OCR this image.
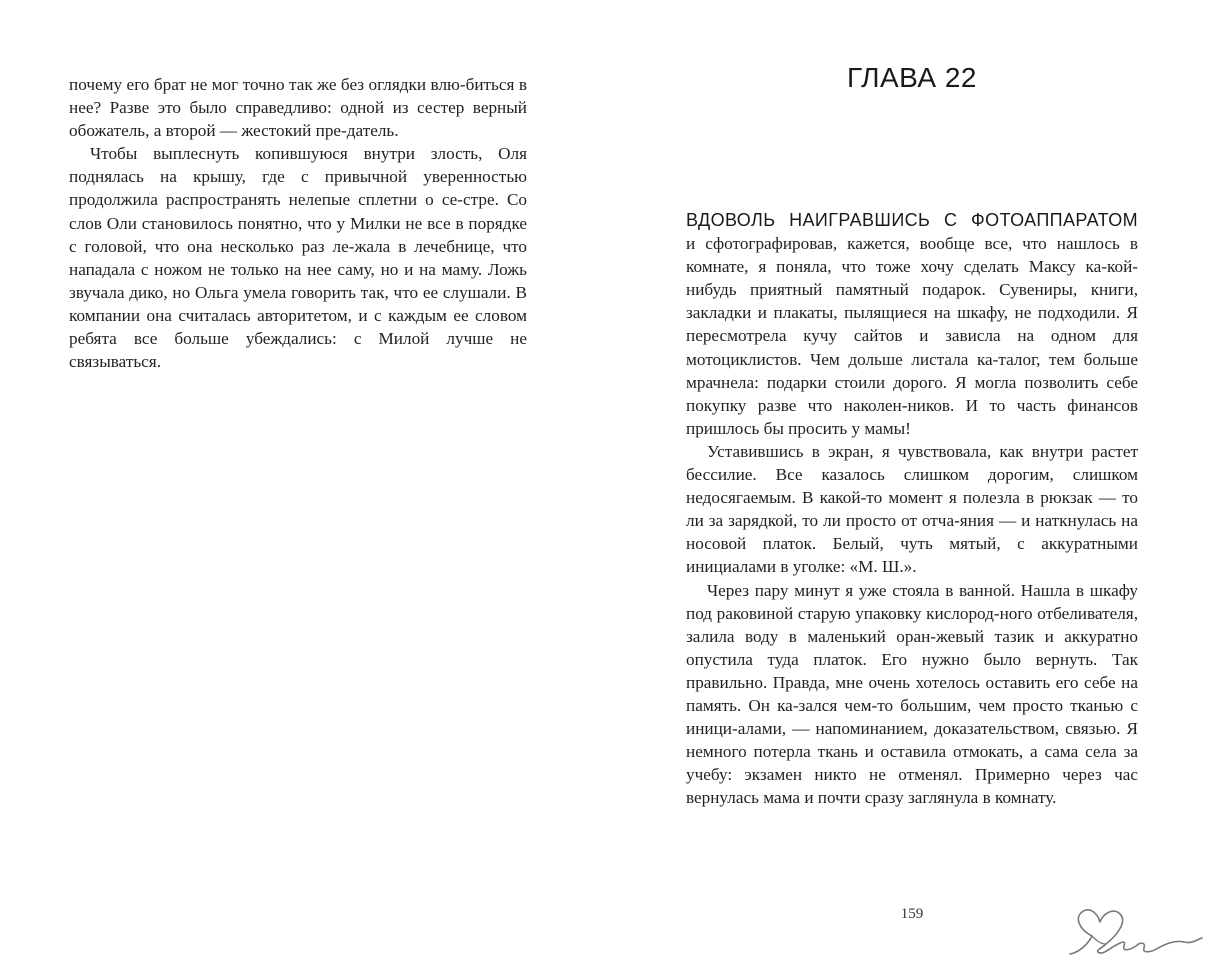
почему его брат не мог точно так же без оглядки влю-биться в нее? Разве это было справедливо: одной из сестер верный обожатель, а второй — жестокий пре-датель.

Чтобы выплеснуть копившуюся внутри злость, Оля поднялась на крышу, где с привычной уверенностью продолжила распространять нелепые сплетни о се-стре. Со слов Оли становилось понятно, что у Милки не все в порядке с головой, что она несколько раз ле-жала в лечебнице, что нападала с ножом не только на нее саму, но и на маму. Ложь звучала дико, но Ольга умела говорить так, что ее слушали. В компании она считалась авторитетом, и с каждым ее словом ребята все больше убеждались: с Милой лучше не связываться.

ГЛАВА 22

ВДОВОЛЬ НАИГРАВШИСЬ С ФОТОАППАРАТОМ
и сфотографировав, кажется, вообще все, что нашлось в комнате, я поняла, что тоже хочу сделать Максу ка-кой-нибудь приятный памятный подарок. Сувениры, книги, закладки и плакаты, пылящиеся на шкафу, не подходили. Я пересмотрела кучу сайтов и зависла на одном для мотоциклистов. Чем дольше листала ка-талог, тем больше мрачнела: подарки стоили дорого. Я могла позволить себе покупку разве что наколен-ников. И то часть финансов пришлось бы просить у мамы!

Уставившись в экран, я чувствовала, как внутри растет бессилие. Все казалось слишком дорогим, слишком недосягаемым. В какой-то момент я полезла в рюкзак — то ли за зарядкой, то ли просто от отча-яния — и наткнулась на носовой платок. Белый, чуть мятый, с аккуратными инициалами в уголке: «М. Ш.».

Через пару минут я уже стояла в ванной. Нашла в шкафу под раковиной старую упаковку кислород-ного отбеливателя, залила воду в маленький оран-жевый тазик и аккуратно опустила туда платок. Его нужно было вернуть. Так правильно. Правда, мне очень хотелось оставить его себе на память. Он ка-зался чем-то большим, чем просто тканью с иници-алами, — напоминанием, доказательством, связью. Я немного потерла ткань и оставила отмокать, а сама села за учебу: экзамен никто не отменял. Примерно через час вернулась мама и почти сразу заглянула в комнату.

159
